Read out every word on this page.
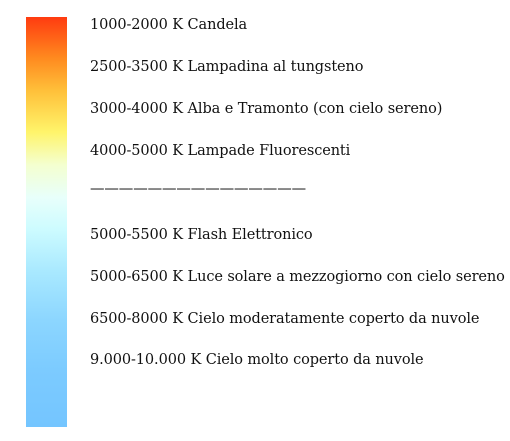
1000-2000 K Candela
2500-3500 K Lampadina al tungsteno
3000-4000 K Alba e Tramonto (con cielo sereno)
4000-5000 K Lampade Fluorescenti
———————————————
5000-5500 K Flash Elettronico
5000-6500 K Luce solare a mezzogiorno con cielo sereno
6500-8000 K Cielo moderatamente coperto da nuvole
9.000-10.000 K Cielo molto coperto da nuvole
